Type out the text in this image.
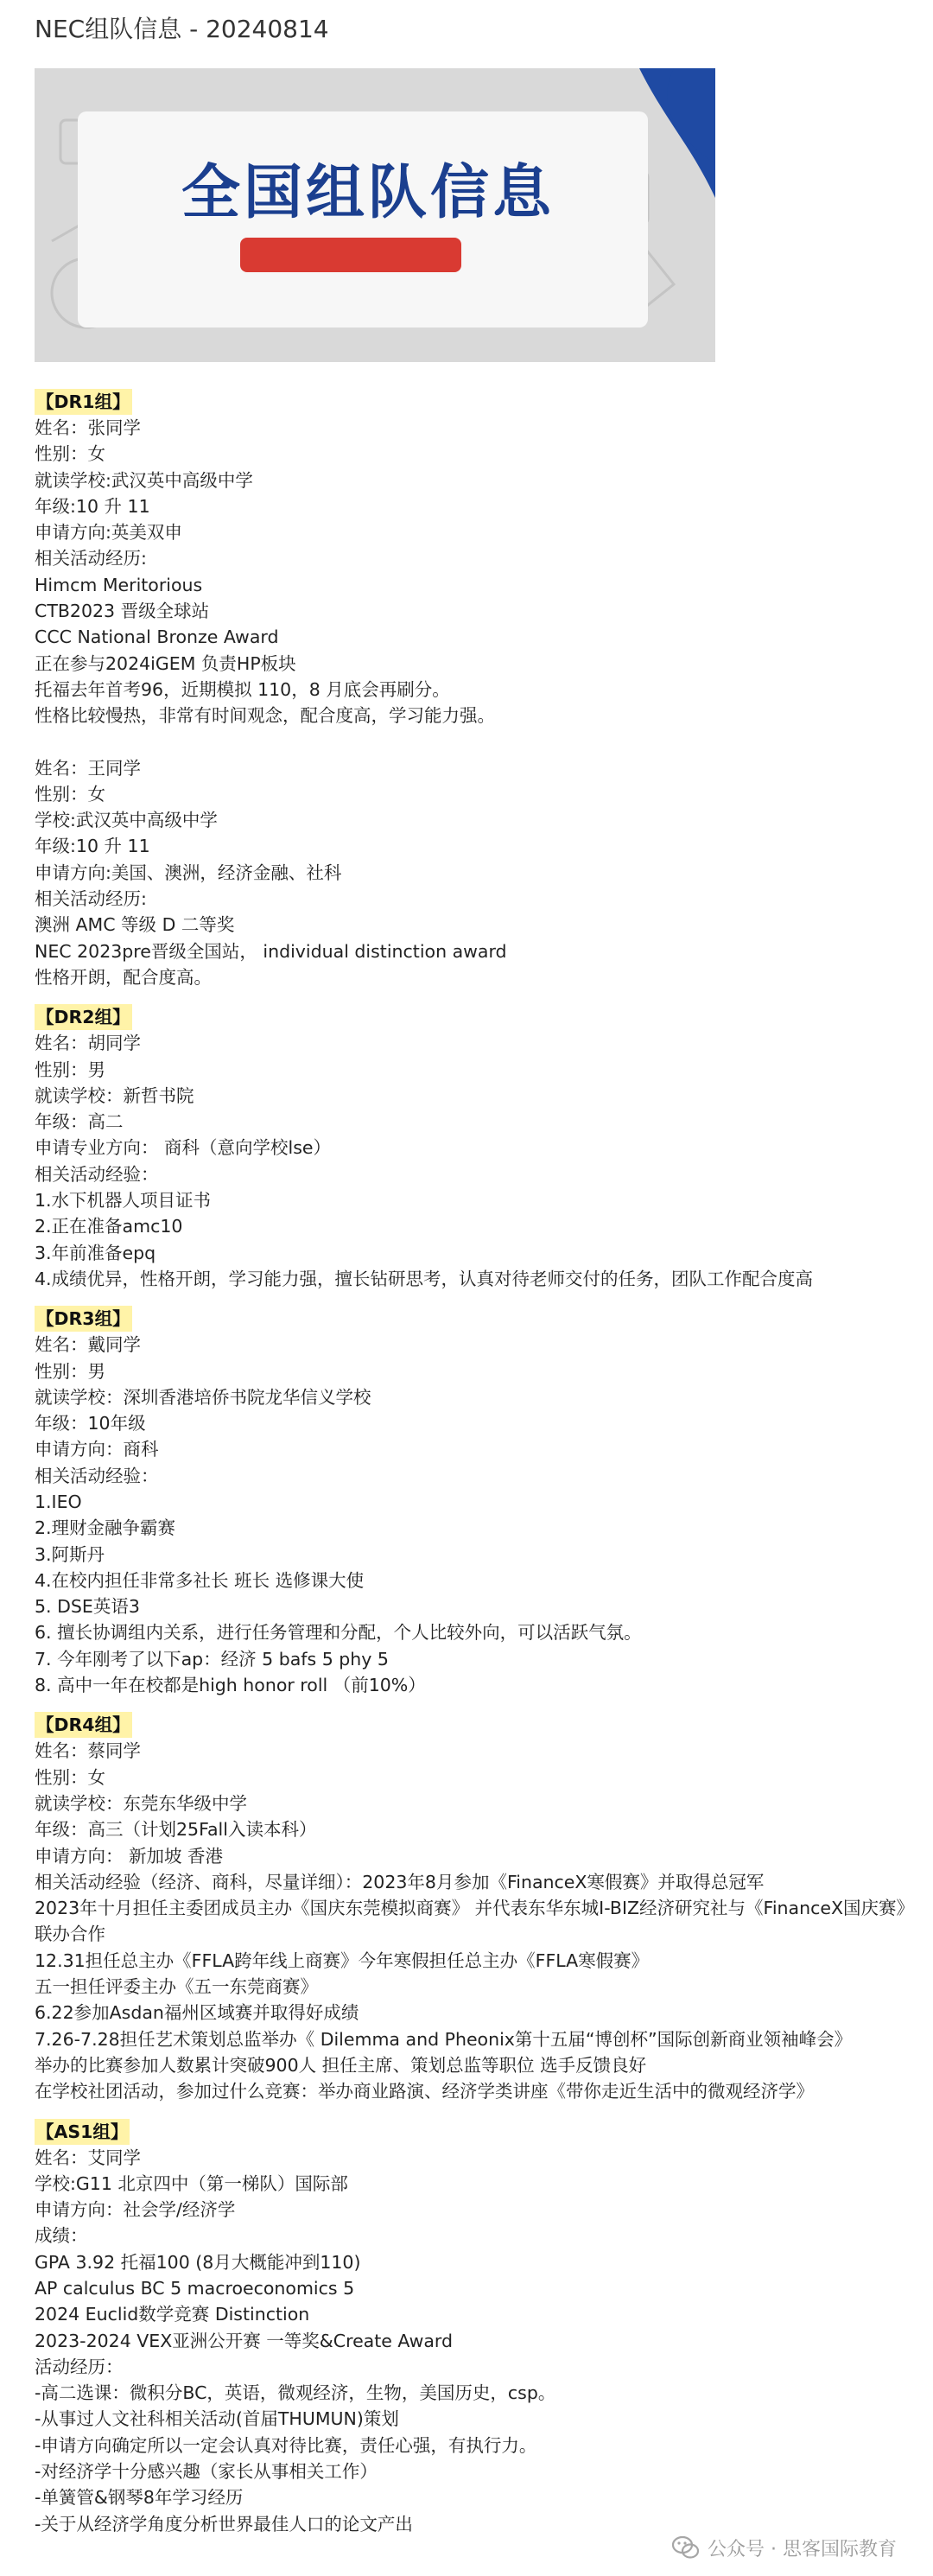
NEC组队信息 - 20240814
全国组队信息
【DR1组】
姓名：张同学
性别：女
就读学校:武汉英中高级中学
年级:10 升 11
申请方向:英美双申
相关活动经历:
Himcm Meritorious
CTB2023 晋级全球站
CCC National Bronze Award
正在参与2024iGEM 负责HP板块
托福去年首考96，近期模拟 110，8 月底会再刷分。
性格比较慢热，非常有时间观念，配合度高，学习能力强。
姓名：王同学
性别：女
学校:武汉英中高级中学
年级:10 升 11
申请方向:美国、澳洲，经济金融、社科
相关活动经历:
澳洲 AMC 等级 D 二等奖
NEC 2023pre晋级全国站， individual distinction award
性格开朗，配合度高。
【DR2组】
姓名：胡同学
性别：男
就读学校：新哲书院
年级：高二
申请专业方向： 商科（意向学校lse）
相关活动经验：
1.水下机器人项目证书
2.正在准备amc10
3.年前准备epq
4.成绩优异，性格开朗，学习能力强，擅长钻研思考，认真对待老师交付的任务，团队工作配合度高
【DR3组】
姓名：戴同学
性别：男
就读学校：深圳香港培侨书院龙华信义学校
年级：10年级
申请方向：商科
相关活动经验：
1.IEO
2.理财金融争霸赛
3.阿斯丹
4.在校内担任非常多社长 班长 选修课大使
5. DSE英语3
6. 擅长协调组内关系，进行任务管理和分配，个人比较外向，可以活跃气氛。
7. 今年刚考了以下ap：经济 5 bafs 5 phy 5
8. 高中一年在校都是high honor roll （前10%）
【DR4组】
姓名：蔡同学
性别：女
就读学校：东莞东华级中学
年级：高三（计划25Fall入读本科）
申请方向： 新加坡 香港
相关活动经验（经济、商科，尽量详细）：2023年8月参加《FinanceX寒假赛》并取得总冠军
2023年十月担任主委团成员主办《国庆东莞模拟商赛》 并代表东华东城I-BIZ经济研究社与《FinanceX国庆赛》联办合作
12.31担任总主办《FFLA跨年线上商赛》今年寒假担任总主办《FFLA寒假赛》
五一担任评委主办《五一东莞商赛》
6.22参加Asdan福州区域赛并取得好成绩
7.26-7.28担任艺术策划总监举办《 Dilemma and Pheonix第十五届“博创杯”国际创新商业领袖峰会》
举办的比赛参加人数累计突破900人 担任主席、策划总监等职位 选手反馈良好
在学校社团活动，参加过什么竞赛：举办商业路演、经济学类讲座《带你走近生活中的微观经济学》
【AS1组】
姓名：艾同学
学校:G11 北京四中（第一梯队）国际部
申请方向：社会学/经济学
成绩：
GPA 3.92 托福100 (8月大概能冲到110)
AP calculus BC 5 macroeconomics 5
2024 Euclid数学竞赛 Distinction
2023-2024 VEX亚洲公开赛 一等奖&Create Award
活动经历：
-高二选课：微积分BC，英语，微观经济，生物，美国历史，csp。
-从事过人文社科相关活动(首届THUMUN)策划
-申请方向确定所以一定会认真对待比赛，责任心强，有执行力。
-对经济学十分感兴趣（家长从事相关工作）
-单簧管&钢琴8年学习经历
-关于从经济学角度分析世界最佳人口的论文产出
公众号 · 思客国际教育
